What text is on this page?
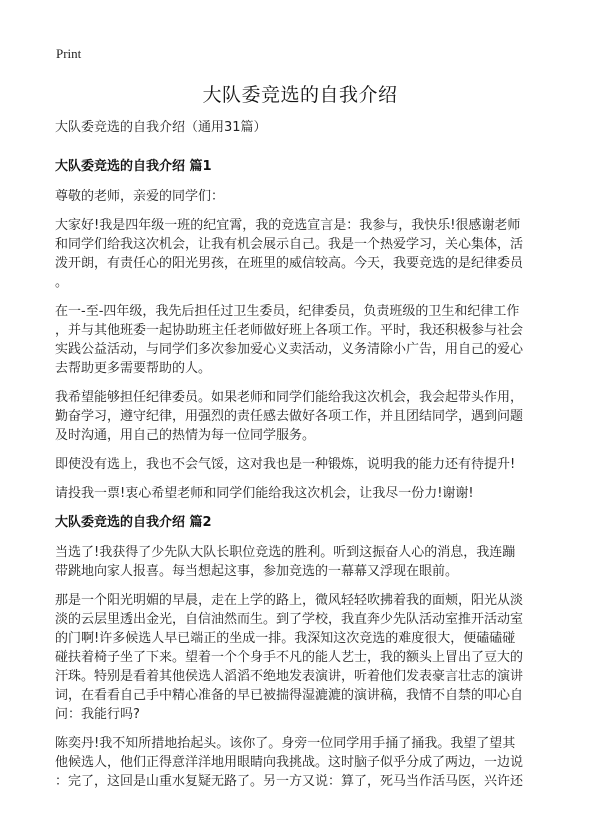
Print
大队委竞选的自我介绍

大队委竞选的自我介绍（通用31篇）

大队委竞选的自我介绍 篇1

尊敬的老师，亲爱的同学们：

大家好!我是四年级一班的纪宜霄，我的竞选宣言是：我参与，我快乐!很感谢老师
和同学们给我这次机会，让我有机会展示自己。我是一个热爱学习，关心集体，活
泼开朗，有责任心的阳光男孩，在班里的威信较高。今天，我要竞选的是纪律委员
。

在一-至-四年级，我先后担任过卫生委员，纪律委员，负责班级的卫生和纪律工作
，并与其他班委一起协助班主任老师做好班上各项工作。平时，我还积极参与社会
实践公益活动，与同学们多次参加爱心义卖活动，义务清除小广告，用自己的爱心
去帮助更多需要帮助的人。

我希望能够担任纪律委员。如果老师和同学们能给我这次机会，我会起带头作用，
勤奋学习，遵守纪律，用强烈的责任感去做好各项工作，并且团结同学，遇到问题
及时沟通，用自己的热情为每一位同学服务。

即使没有选上，我也不会气馁，这对我也是一种锻炼，说明我的能力还有待提升!

请投我一票!衷心希望老师和同学们能给我这次机会，让我尽一份力!谢谢!

大队委竞选的自我介绍 篇2

当选了!我获得了少先队大队长职位竞选的胜利。听到这振奋人心的消息，我连蹦
带跳地向家人报喜。每当想起这事，参加竞选的一幕幕又浮现在眼前。

那是一个阳光明媚的早晨，走在上学的路上，微风轻轻吹拂着我的面颊，阳光从淡
淡的云层里透出金光，自信油然而生。到了学校，我直奔少先队活动室推开活动室
的门啊!许多候选人早已端正的坐成一排。我深知这次竞选的难度很大，便磕磕碰
碰扶着椅子坐了下来。望着一个个身手不凡的能人艺士，我的额头上冒出了豆大的
汗珠。特别是看着其他侯选人滔滔不绝地发表演讲，听着他们发表豪言壮志的演讲
词，在看看自己手中精心准备的早已被揣得湿漉漉的演讲稿，我情不自禁的叩心自
问：我能行吗?

陈奕丹!我不知所措地抬起头。该你了。身旁一位同学用手捅了捅我。我望了望其
他候选人，他们正得意洋洋地用眼睛向我挑战。这时脑子似乎分成了两边，一边说
：完了，这回是山重水复疑无路了。另一方又说：算了，死马当作活马医，兴许还
